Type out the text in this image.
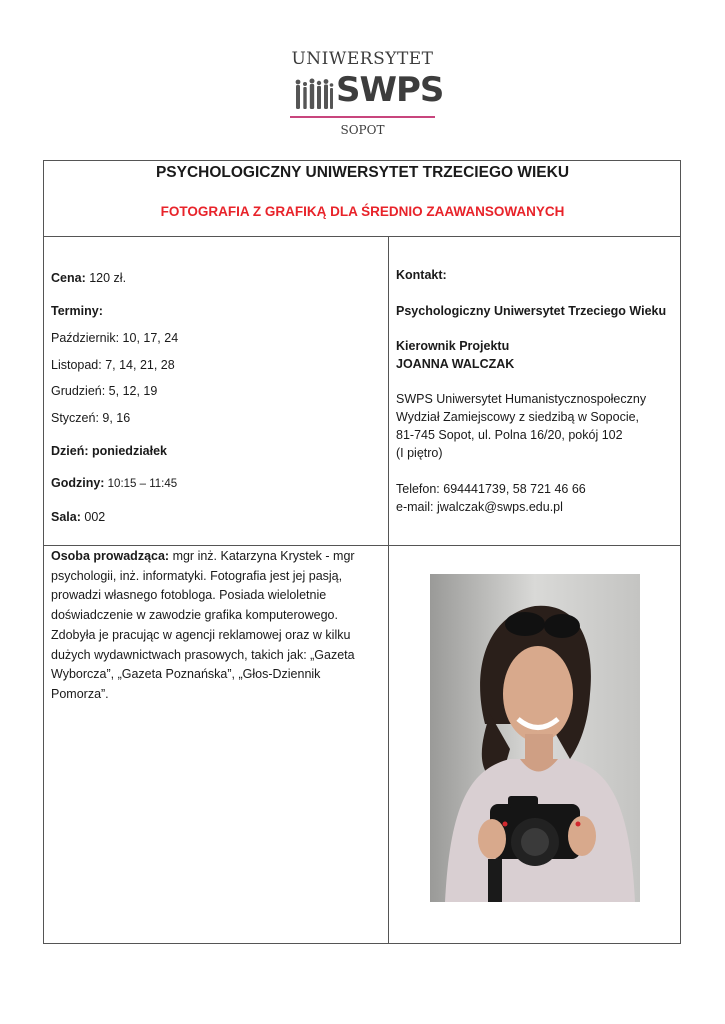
UNIWERSYTET
SWPS
SOPOT
PSYCHOLOGICZNY UNIWERSYTET TRZECIEGO WIEKU
FOTOGRAFIA Z GRAFIKĄ DLA ŚREDNIO ZAAWANSOWANYCH
Cena: 120 zł.
Terminy:
Październik: 10, 17, 24
Listopad: 7, 14, 21, 28
Grudzień: 5, 12, 19
Styczeń: 9, 16
Dzień: poniedziałek
Godziny: 10:15 – 11:45
Sala: 002
Kontakt:
Psychologiczny Uniwersytet Trzeciego Wieku
Kierownik Projektu
JOANNA WALCZAK
SWPS Uniwersytet Humanistycznospołeczny
Wydział Zamiejscowy z siedzibą w Sopocie,
81-745 Sopot, ul. Polna 16/20, pokój 102
(I piętro)
Telefon: 694441739, 58 721 46 66
e-mail: jwalczak@swps.edu.pl
Osoba prowadząca: mgr inż. Katarzyna Krystek - mgr
psychologii, inż. informatyki. Fotografia jest jej pasją,
prowadzi własnego fotobloga. Posiada wieloletnie
doświadczenie w zawodzie grafika komputerowego.
Zdobyła je pracując w agencji reklamowej oraz w kilku
dużych wydawnictwach prasowych, takich jak: „Gazeta
Wyborcza”, „Gazeta Poznańska”, „Głos-Dziennik
Pomorza”.
